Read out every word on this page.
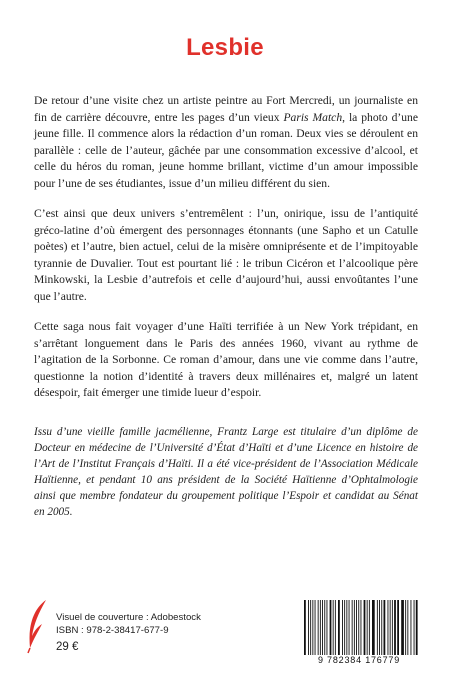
Lesbie

De retour d’une visite chez un artiste peintre au Fort Mercredi, un journaliste en fin de carrière découvre, entre les pages d’un vieux Paris Match, la photo d’une jeune fille. Il commence alors la rédaction d’un roman. Deux vies se déroulent en parallèle : celle de l’auteur, gâchée par une consommation excessive d’alcool, et celle du héros du roman, jeune homme brillant, victime d’un amour impossible pour l’une de ses étudiantes, issue d’un milieu différent du sien.

C’est ainsi que deux univers s’entremêlent : l’un, onirique, issu de l’antiquité gréco-latine d’où émergent des personnages étonnants (une Sapho et un Catulle poètes) et l’autre, bien actuel, celui de la misère omniprésente et de l’impitoyable tyrannie de Duvalier. Tout est pourtant lié : le tribun Cicéron et l’alcoolique père Minkowski, la Lesbie d’autrefois et celle d’aujourd’hui, aussi envoûtantes l’une que l’autre.

Cette saga nous fait voyager d’une Haïti terrifiée à un New York trépidant, en s’arrêtant longuement dans le Paris des années 1960, vivant au rythme de l’agitation de la Sorbonne. Ce roman d’amour, dans une vie comme dans l’autre, questionne la notion d’identité à travers deux millénaires et, malgré un latent désespoir, fait émerger une timide lueur d’espoir.

Issu d’une vieille famille jacmélienne, Frantz Large est titulaire d’un diplôme de Docteur en médecine de l’Université d’État d’Haïti et d’une Licence en histoire de l’Art de l’Institut Français d’Haïti. Il a été vice-président de l’Association Médicale Haïtienne, et pendant 10 ans président de la Société Haïtienne d’Ophtalmologie ainsi que membre fondateur du groupement politique l’Espoir et candidat au Sénat en 2005.

Visuel de couverture : Adobestock
ISBN : 978-2-38417-677-9
29 €
9 782384 176779
